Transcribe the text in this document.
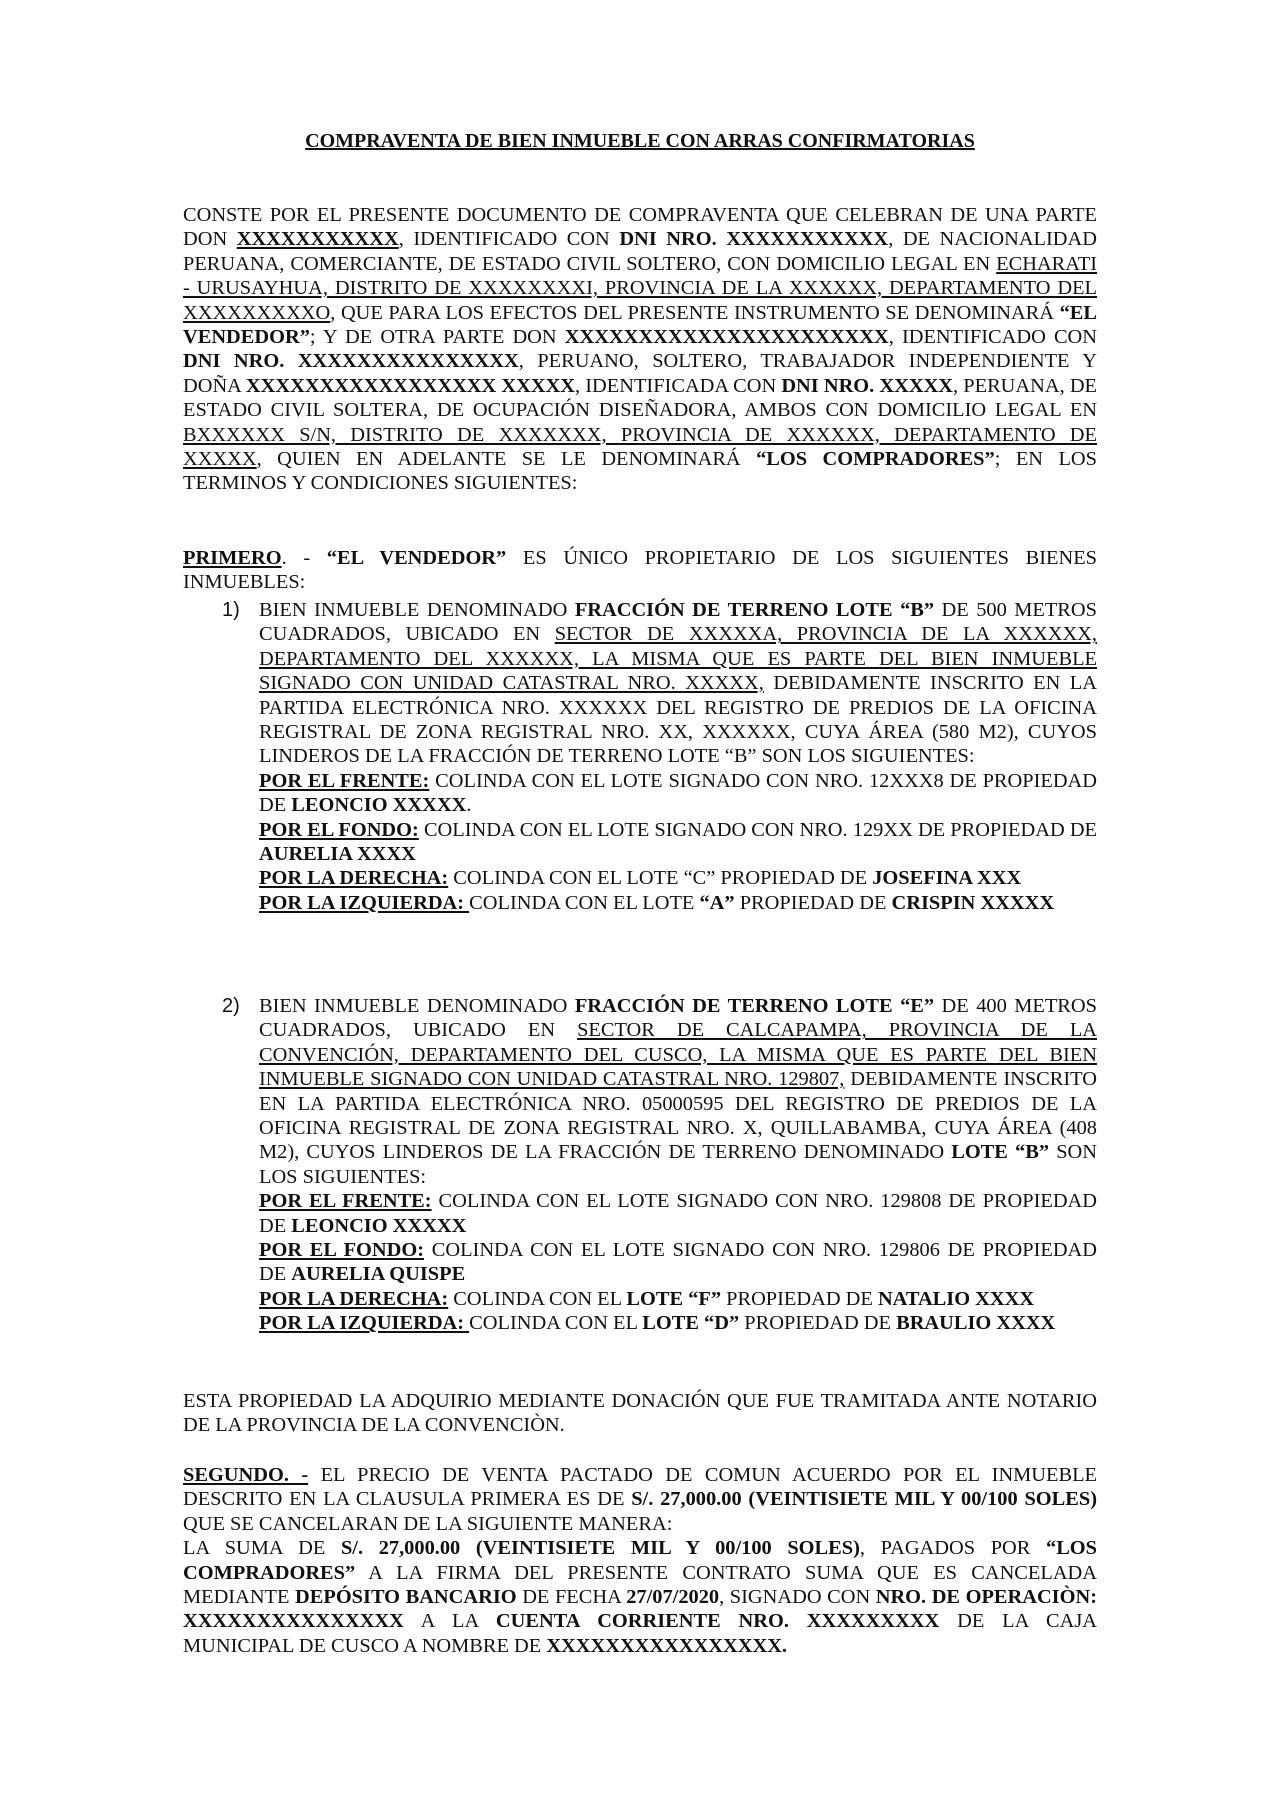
COMPRAVENTA DE BIEN INMUEBLE CON ARRAS CONFIRMATORIAS
CONSTE POR EL PRESENTE DOCUMENTO DE COMPRAVENTA QUE CELEBRAN DE UNA PARTE DON XXXXXXXXXXX, IDENTIFICADO CON DNI NRO. XXXXXXXXXXX, DE NACIONALIDAD PERUANA, COMERCIANTE, DE ESTADO CIVIL SOLTERO, CON DOMICILIO LEGAL EN ECHARATI - URUSAYHUA, DISTRITO DE XXXXXXXXI, PROVINCIA DE LA XXXXXX, DEPARTAMENTO DEL XXXXXXXXXO, QUE PARA LOS EFECTOS DEL PRESENTE INSTRUMENTO SE DENOMINARÁ “EL VENDEDOR”; Y DE OTRA PARTE DON XXXXXXXXXXXXXXXXXXXXXX, IDENTIFICADO CON DNI NRO. XXXXXXXXXXXXXXX, PERUANO, SOLTERO, TRABAJADOR INDEPENDIENTE Y DOÑA XXXXXXXXXXXXXXXXX XXXXX, IDENTIFICADA CON DNI NRO. XXXXX, PERUANA, DE ESTADO CIVIL SOLTERA, DE OCUPACIÓN DISEÑADORA, AMBOS CON DOMICILIO LEGAL EN BXXXXXX S/N, DISTRITO DE XXXXXXX, PROVINCIA DE XXXXXX, DEPARTAMENTO DE XXXXX, QUIEN EN ADELANTE SE LE DENOMINARÁ “LOS COMPRADORES”; EN LOS TERMINOS Y CONDICIONES SIGUIENTES:
PRIMERO. - “EL VENDEDOR” ES ÚNICO PROPIETARIO DE LOS SIGUIENTES BIENES INMUEBLES:
1) BIEN INMUEBLE DENOMINADO FRACCIÓN DE TERRENO LOTE “B” DE 500 METROS CUADRADOS, UBICADO EN SECTOR DE XXXXXA, PROVINCIA DE LA XXXXXX, DEPARTAMENTO DEL XXXXXX, LA MISMA QUE ES PARTE DEL BIEN INMUEBLE SIGNADO CON UNIDAD CATASTRAL NRO. XXXXX, DEBIDAMENTE INSCRITO EN LA PARTIDA ELECTRÓNICA NRO. XXXXXX DEL REGISTRO DE PREDIOS DE LA OFICINA REGISTRAL DE ZONA REGISTRAL NRO. XX, XXXXXX, CUYA ÁREA (580 M2), CUYOS LINDEROS DE LA FRACCIÓN DE TERRENO LOTE “B” SON LOS SIGUIENTES:
POR EL FRENTE: COLINDA CON EL LOTE SIGNADO CON NRO. 12XXX8 DE PROPIEDAD DE LEONCIO XXXXX.
POR EL FONDO: COLINDA CON EL LOTE SIGNADO CON NRO. 129XX DE PROPIEDAD DE AURELIA XXXX
POR LA DERECHA: COLINDA CON EL LOTE “C” PROPIEDAD DE JOSEFINA XXX
POR LA IZQUIERDA: COLINDA CON EL LOTE “A” PROPIEDAD DE CRISPIN XXXXX
2) BIEN INMUEBLE DENOMINADO FRACCIÓN DE TERRENO LOTE “E” DE 400 METROS CUADRADOS, UBICADO EN SECTOR DE CALCAPAMPA, PROVINCIA DE LA CONVENCIÓN, DEPARTAMENTO DEL CUSCO, LA MISMA QUE ES PARTE DEL BIEN INMUEBLE SIGNADO CON UNIDAD CATASTRAL NRO. 129807, DEBIDAMENTE INSCRITO EN LA PARTIDA ELECTRÓNICA NRO. 05000595 DEL REGISTRO DE PREDIOS DE LA OFICINA REGISTRAL DE ZONA REGISTRAL NRO. X, QUILLABAMBA, CUYA ÁREA (408 M2), CUYOS LINDEROS DE LA FRACCIÓN DE TERRENO DENOMINADO LOTE “B” SON LOS SIGUIENTES:
POR EL FRENTE: COLINDA CON EL LOTE SIGNADO CON NRO. 129808 DE PROPIEDAD DE LEONCIO XXXXX
POR EL FONDO: COLINDA CON EL LOTE SIGNADO CON NRO. 129806 DE PROPIEDAD DE AURELIA QUISPE
POR LA DERECHA: COLINDA CON EL LOTE “F” PROPIEDAD DE NATALIO XXXX
POR LA IZQUIERDA: COLINDA CON EL LOTE “D” PROPIEDAD DE BRAULIO XXXX
ESTA PROPIEDAD LA ADQUIRIO MEDIANTE DONACIÓN QUE FUE TRAMITADA ANTE NOTARIO DE LA PROVINCIA DE LA CONVENCIÒN.
SEGUNDO. - EL PRECIO DE VENTA PACTADO DE COMUN ACUERDO POR EL INMUEBLE DESCRITO EN LA CLAUSULA PRIMERA ES DE S/. 27,000.00 (VEINTISIETE MIL Y 00/100 SOLES) QUE SE CANCELARAN DE LA SIGUIENTE MANERA:
LA SUMA DE S/. 27,000.00 (VEINTISIETE MIL Y 00/100 SOLES), PAGADOS POR “LOS COMPRADORES” A LA FIRMA DEL PRESENTE CONTRATO SUMA QUE ES CANCELADA MEDIANTE DEPÓSITO BANCARIO DE FECHA 27/07/2020, SIGNADO CON NRO. DE OPERACIÒN: XXXXXXXXXXXXXXX A LA CUENTA CORRIENTE NRO. XXXXXXXXX DE LA CAJA MUNICIPAL DE CUSCO A NOMBRE DE XXXXXXXXXXXXXXXX.
